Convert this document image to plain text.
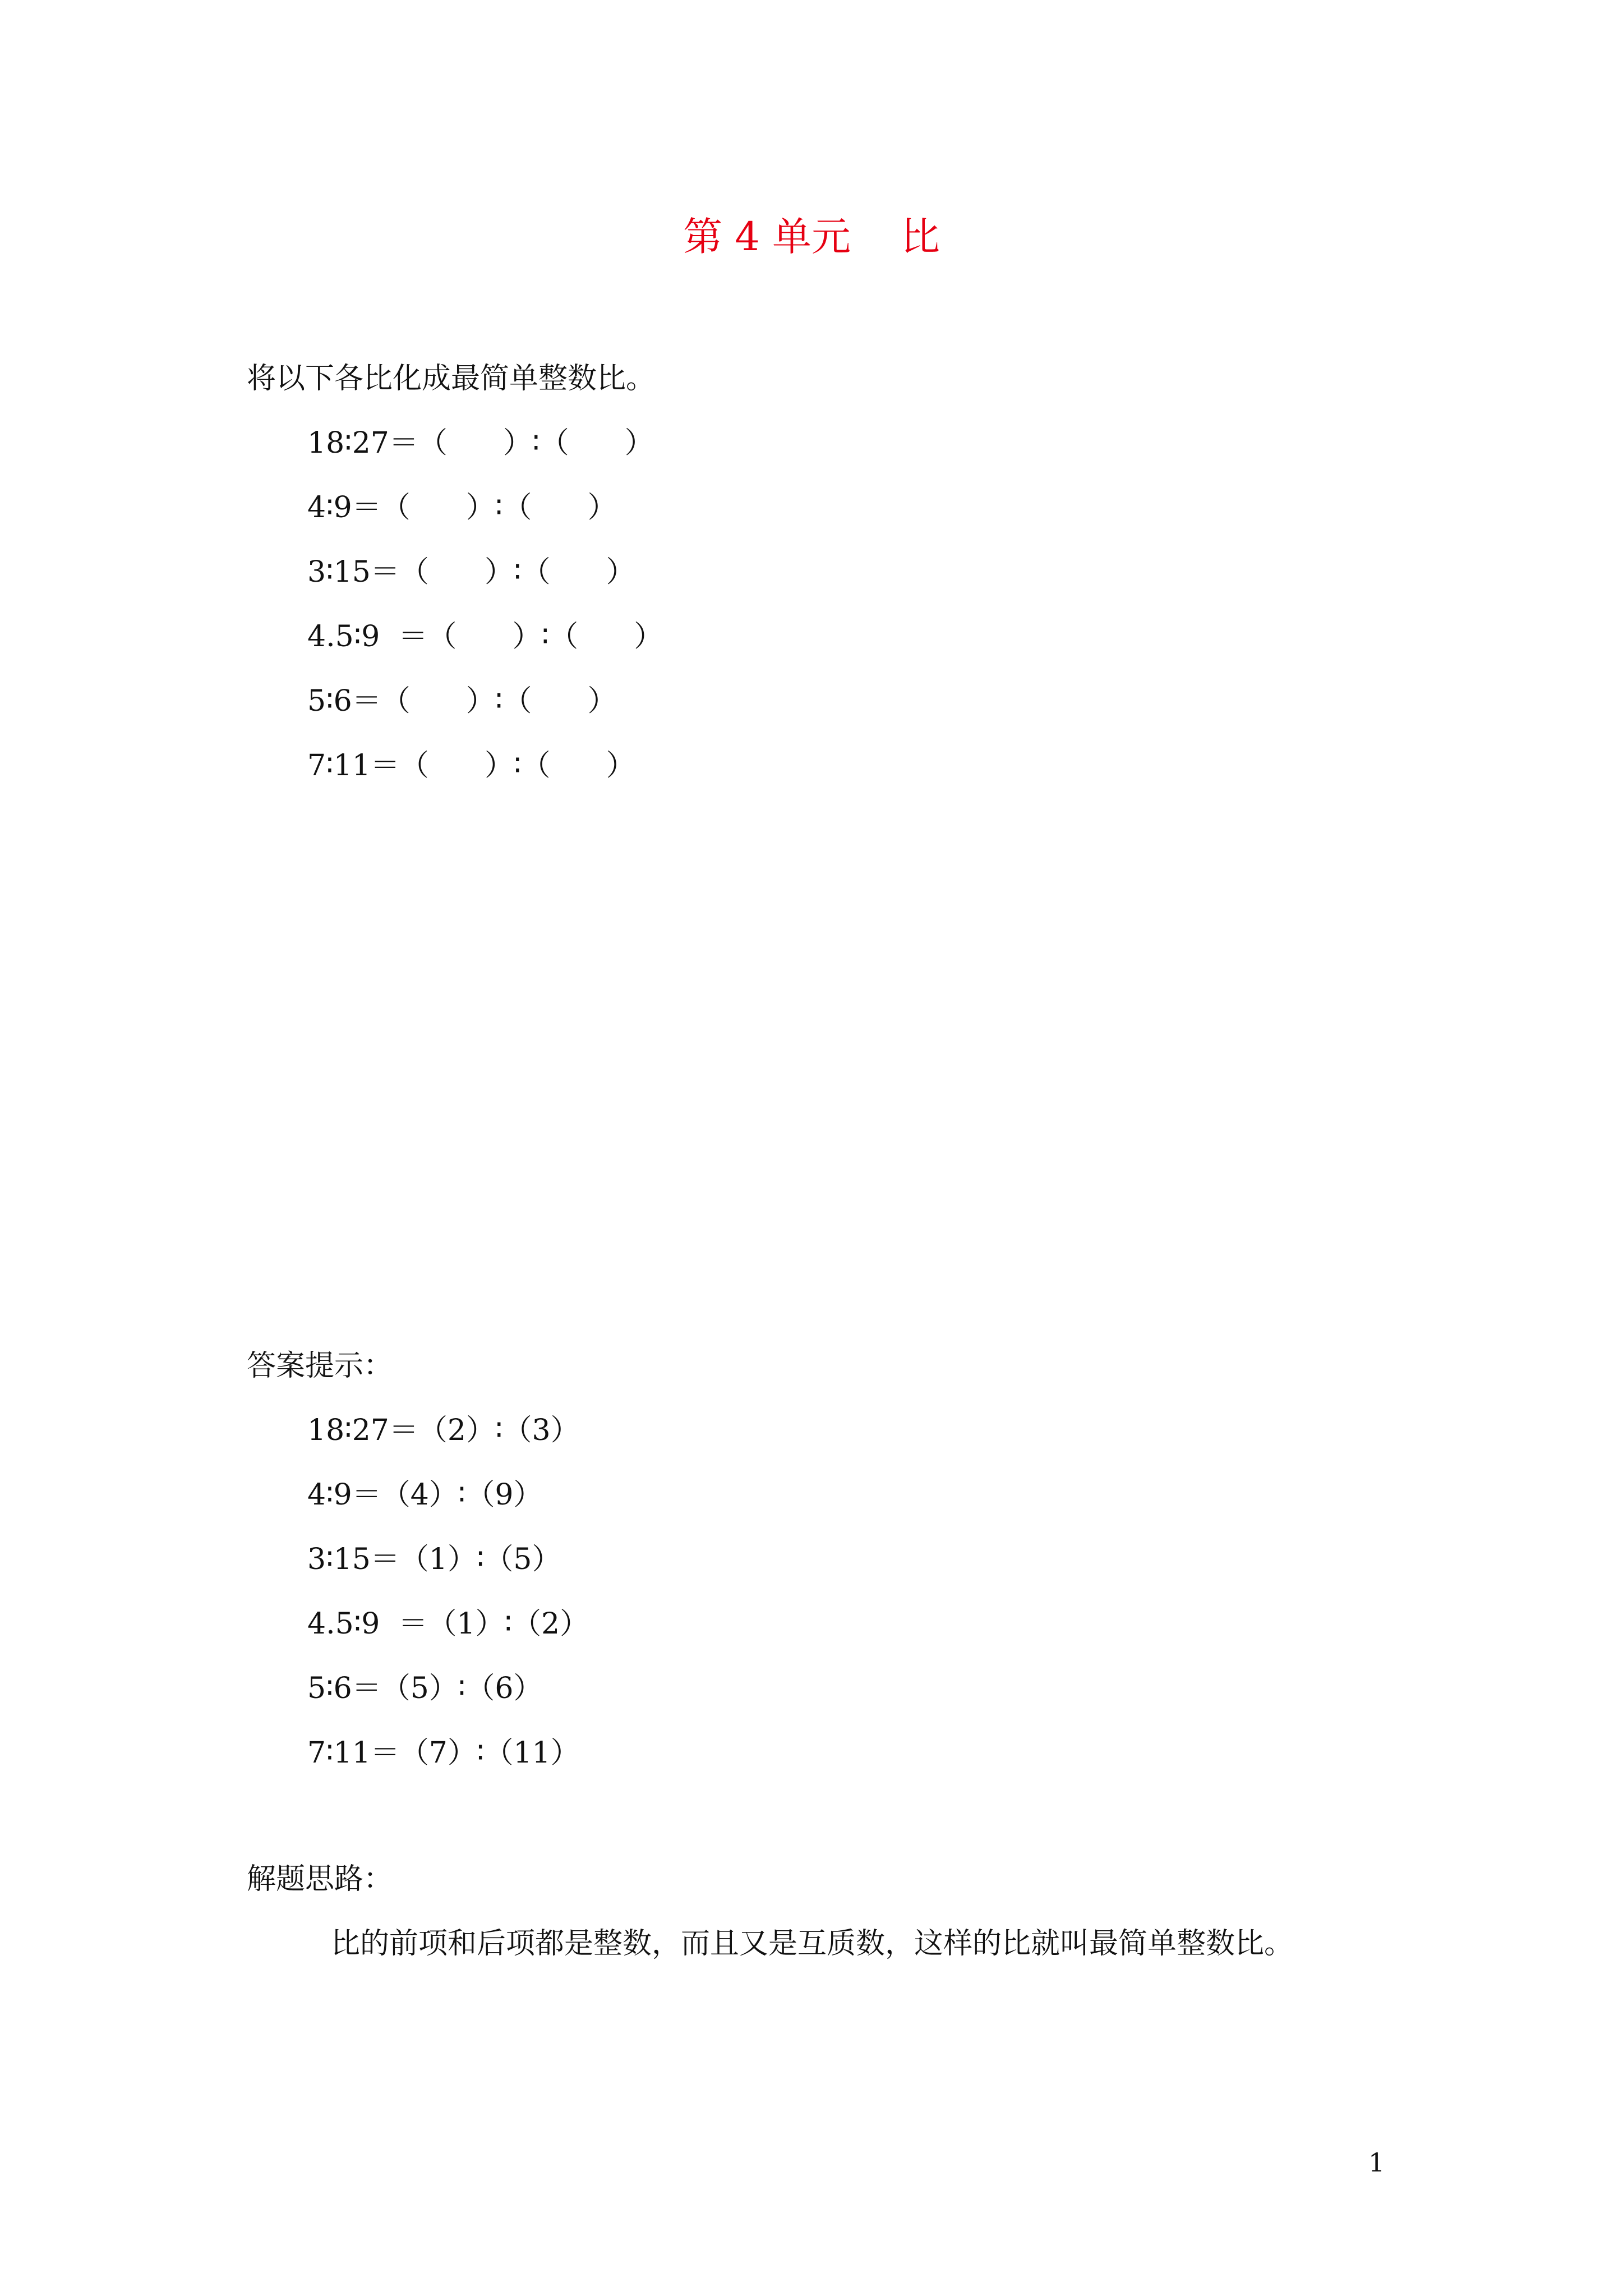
第 4 单元    比
将以下各比化成最简单整数比。
18∶27＝（      ）∶（      ）
4∶9＝（      ）∶（      ）
3∶15＝（      ）∶（      ）
4.5∶9  ＝（      ）∶（      ）
5∶6＝（      ）∶（      ）
7∶11＝（      ）∶（      ）
答案提示：
18∶27＝（2）∶（3）
4∶9＝（4）∶（9）
3∶15＝（1）∶（5）
4.5∶9  ＝（1）∶（2）
5∶6＝（5）∶（6）
7∶11＝（7）∶（11）
解题思路：
比的前项和后项都是整数，而且又是互质数，这样的比就叫最简单整数比。
1
